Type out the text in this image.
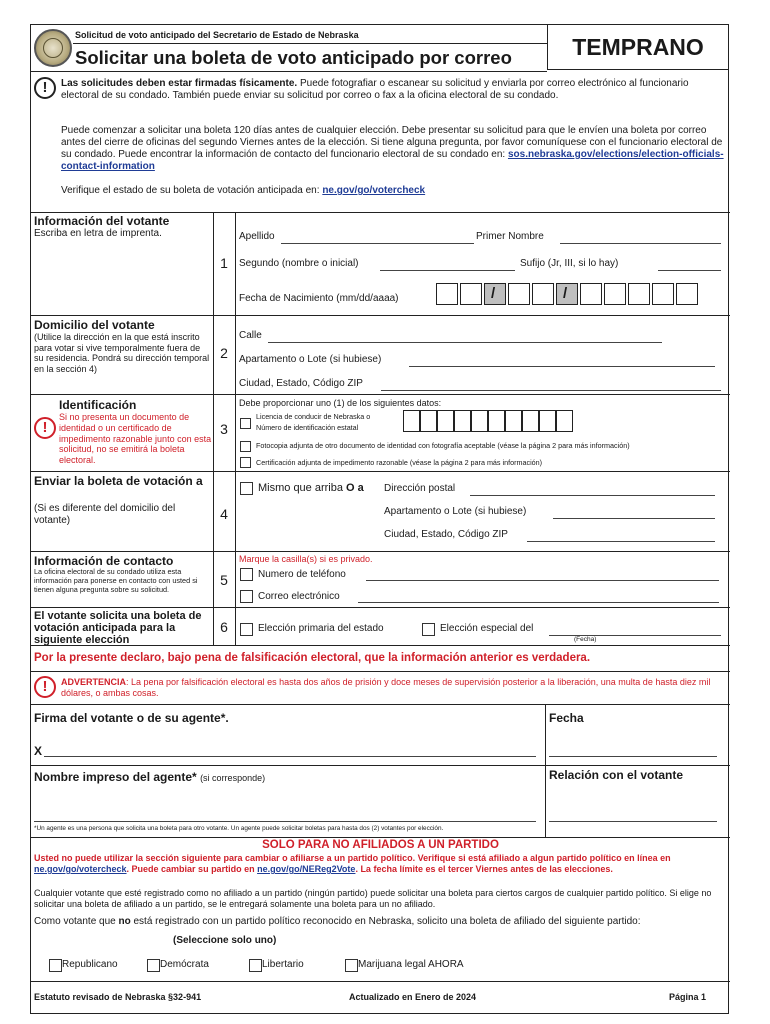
Solicitud de voto anticipado del Secretario de Estado de Nebraska
Solicitar una boleta de voto anticipado por correo	TEMPRANO
!	Las solicitudes deben estar firmadas físicamente. Puede fotografiar o escanear su solicitud y enviarla por correo electrónico al funcionario electoral de su condado. También puede enviar su solicitud por correo o fax a la oficina electoral de su condado.
Puede comenzar a solicitar una boleta 120 días antes de cualquier elección. Debe presentar su solicitud para que le envíen una boleta por correo antes del cierre de oficinas del segundo Viernes antes de la elección. Si tiene alguna pregunta, por favor comuníquese con el funcionario electoral de su condado. Puede encontrar la información de contacto del funcionario electoral de su condado en: sos.nebraska.gov/elections/election-officials-contact-information
Verifique el estado de su boleta de votación anticipada en: ne.gov/go/votercheck
Información del votante
Escriba en letra de imprenta.
1
Apellido	Primer Nombre
Segundo (nombre o inicial)	Sufijo (Jr, III, si lo hay)
Fecha de Nacimiento (mm/dd/aaaa)	/	/
Domicilio del votante
(Utilice la dirección en la que está inscrito para votar si vive temporalmente fuera de su residencia. Pondrá su dirección temporal en la sección 4)
2
Calle
Apartamento o Lote (si hubiese)
Ciudad, Estado, Código ZIP
!
Identificación
Si no presenta un documento de identidad o un certificado de impedimento razonable junto con esta solicitud, no se emitirá la boleta electoral.
3
Debe proporcionar uno (1) de los siguientes datos:
Licencia de conducir de Nebraska o
Número de identificación estatal
Fotocopia adjunta de otro documento de identidad con fotografía aceptable (véase la página 2 para más información)
Certificación adjunta de impedimento razonable (véase la página 2 para más información)
Enviar la boleta de votación a
(Si es diferente del domicilio del votante)	4
Mismo que arriba O a Dirección postal
Apartamento o Lote (si hubiese)
Ciudad, Estado, Código ZIP
Información de contacto
La oficina electoral de su condado utiliza esta información para ponerse en contacto con usted si tienen alguna pregunta sobre su solicitud.
5
Marque la casilla(s) si es privado.
Numero de teléfono
Correo electrónico
El votante solicita una boleta de votación anticipada para la siguiente elección
6	Elección primaria del estado	Elección especial del
(Fecha)
Por la presente declaro, bajo pena de falsificación electoral, que la información anterior es verdadera.
!	ADVERTENCIA: La pena por falsificación electoral es hasta dos años de prisión y doce meses de supervisión posterior a la liberación, una multa de hasta diez mil dólares, o ambas cosas.
Firma del votante o de su agente*.
X
Fecha
Nombre impreso del agente* (si corresponde)	Relación con el votante
*Un agente es una persona que solicita una boleta para otro votante. Un agente puede solicitar boletas para hasta dos (2) votantes por elección.
SOLO PARA NO AFILIADOS A UN PARTIDO
Usted no puede utilizar la sección siguiente para cambiar o afiliarse a un partido político. Verifique si está afiliado a algun partido político en línea en ne.gov/go/votercheck. Puede cambiar su partido en ne.gov/go/NEReg2Vote. La fecha límite es el tercer Viernes antes de las elecciones.
Cualquier votante que esté registrado como no afiliado a un partido (ningún partido) puede solicitar una boleta para ciertos cargos de cualquier partido político. Si elige no solicitar una boleta de afiliado a un partido, se le entregará solamente una boleta para un no afiliado.
Como votante que no está registrado con un partido político reconocido en Nebraska, solicito una boleta de afiliado del siguiente partido:
(Seleccione solo uno)
Republicano	Demócrata	Libertario	Marijuana legal AHORA
Estatuto revisado de Nebraska §32-941	Actualizado en Enero de 2024	Página 1
